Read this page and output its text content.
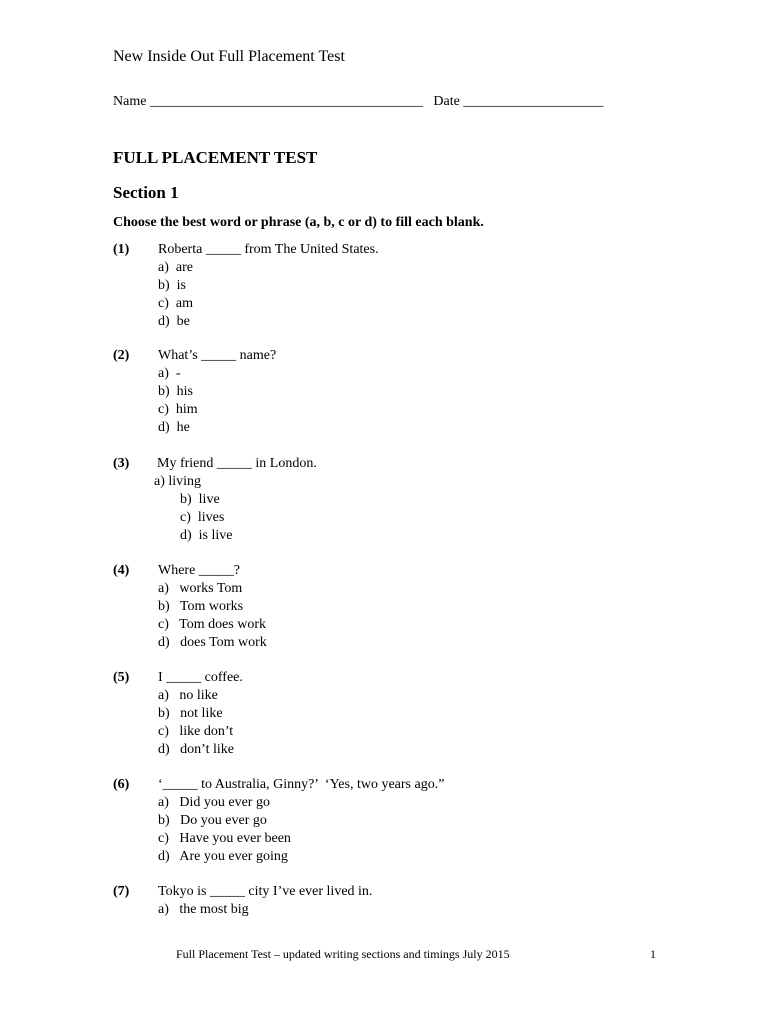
New Inside Out Full Placement Test
Name _______________________________________   Date ____________________
FULL PLACEMENT TEST
Section 1
Choose the best word or phrase (a, b, c or d) to fill each blank.
(1) Roberta _____ from The United States.
a)  are
b)  is
c)  am
d)  be
(2) What’s _____ name?
a)  -
b)  his
c)  him
d)  he
(3) My friend _____ in London.
a) living
b)  live
c)  lives
d)  is live
(4) Where _____?
a)   works Tom
b)   Tom works
c)   Tom does work
d)   does Tom work
(5) I _____ coffee.
a)   no like
b)   not like
c)   like don’t
d)   don’t like
(6) ‘_____ to Australia, Ginny?’  ‘Yes, two years ago.”
a)   Did you ever go
b)   Do you ever go
c)   Have you ever been
d)   Are you ever going
(7) Tokyo is _____ city I’ve ever lived in.
a)   the most big
Full Placement Test – updated writing sections and timings July 2015	1
